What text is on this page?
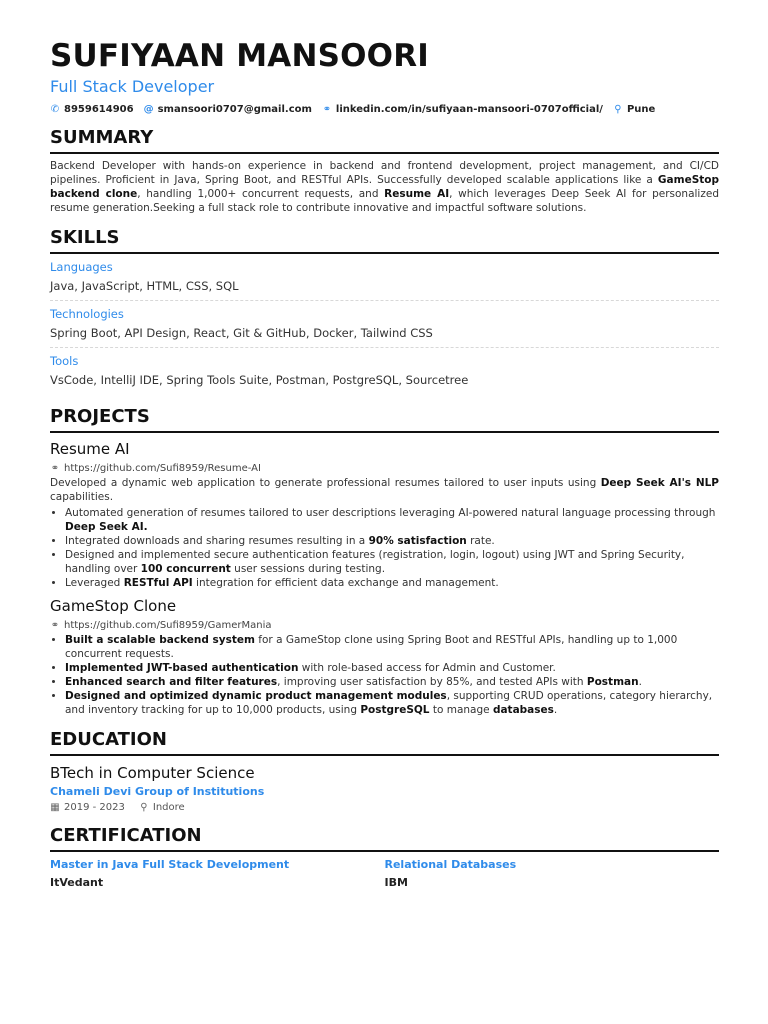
SUFIYAAN MANSOORI
Full Stack Developer
✆ 8959614906 @ smansoori0707@gmail.com ⚭ linkedin.com/in/sufiyaan-mansoori-0707official/ ⚲ Pune
SUMMARY

Backend Developer with hands-on experience in backend and frontend development, project management, and CI/CD pipelines. Proficient in Java, Spring Boot, and RESTful APIs. Successfully developed scalable applications like a GameStop backend clone, handling 1,000+ concurrent requests, and Resume AI, which leverages Deep Seek AI for personalized resume generation.Seeking a full stack role to contribute innovative and impactful software solutions.

SKILLS
Languages
Java, JavaScript, HTML, CSS, SQL
Technologies
Spring Boot, API Design, React, Git & GitHub, Docker, Tailwind CSS
Tools
VsCode, IntelliJ IDE, Spring Tools Suite, Postman, PostgreSQL, Sourcetree
PROJECTS
Resume AI
⚭ https://github.com/Sufi8959/Resume-AI

Developed a dynamic web application to generate professional resumes tailored to user inputs using Deep Seek AI's NLP capabilities.

• Automated generation of resumes tailored to user descriptions leveraging AI-powered natural language processing through Deep Seek AI.
• Integrated downloads and sharing resumes resulting in a 90% satisfaction rate.
• Designed and implemented secure authentication features (registration, login, logout) using JWT and Spring Security, handling over 100 concurrent user sessions during testing.
• Leveraged RESTful API integration for efficient data exchange and management.
GameStop Clone
⚭ https://github.com/Sufi8959/GamerMania
• Built a scalable backend system for a GameStop clone using Spring Boot and RESTful APIs, handling up to 1,000 concurrent requests.
• Implemented JWT-based authentication with role-based access for Admin and Customer.
• Enhanced search and filter features, improving user satisfaction by 85%, and tested APIs with Postman.
• Designed and optimized dynamic product management modules, supporting CRUD operations, category hierarchy, and inventory tracking for up to 10,000 products, using PostgreSQL to manage databases.
EDUCATION
BTech in Computer Science
Chameli Devi Group of Institutions
▦ 2019 - 2023 ⚲ Indore
CERTIFICATION
Master in Java Full Stack Development
ItVedant
Relational Databases
IBM
